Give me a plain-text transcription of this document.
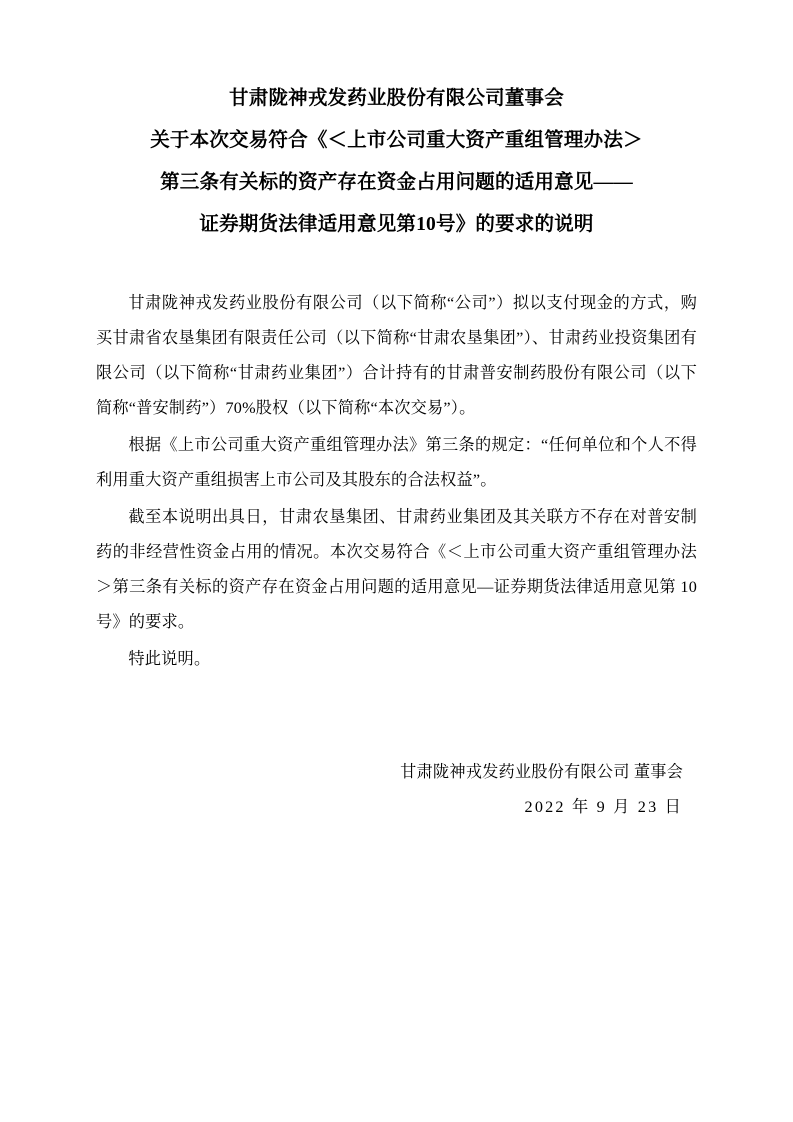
甘肃陇神戎发药业股份有限公司董事会
关于本次交易符合《＜上市公司重大资产重组管理办法＞
第三条有关标的资产存在资金占用问题的适用意见——
证券期货法律适用意见第10号》的要求的说明

甘肃陇神戎发药业股份有限公司（以下简称“公司”）拟以支付现金的方式，购买甘肃省农垦集团有限责任公司（以下简称“甘肃农垦集团”）、甘肃药业投资集团有限公司（以下简称“甘肃药业集团”）合计持有的甘肃普安制药股份有限公司（以下简称“普安制药”）70%股权（以下简称“本次交易”）。

根据《上市公司重大资产重组管理办法》第三条的规定：“任何单位和个人不得利用重大资产重组损害上市公司及其股东的合法权益”。

截至本说明出具日，甘肃农垦集团、甘肃药业集团及其关联方不存在对普安制药的非经营性资金占用的情况。本次交易符合《＜上市公司重大资产重组管理办法＞第三条有关标的资产存在资金占用问题的适用意见—证券期货法律适用意见第 10 号》的要求。

特此说明。

甘肃陇神戎发药业股份有限公司 董事会
2022 年 9 月 23 日
